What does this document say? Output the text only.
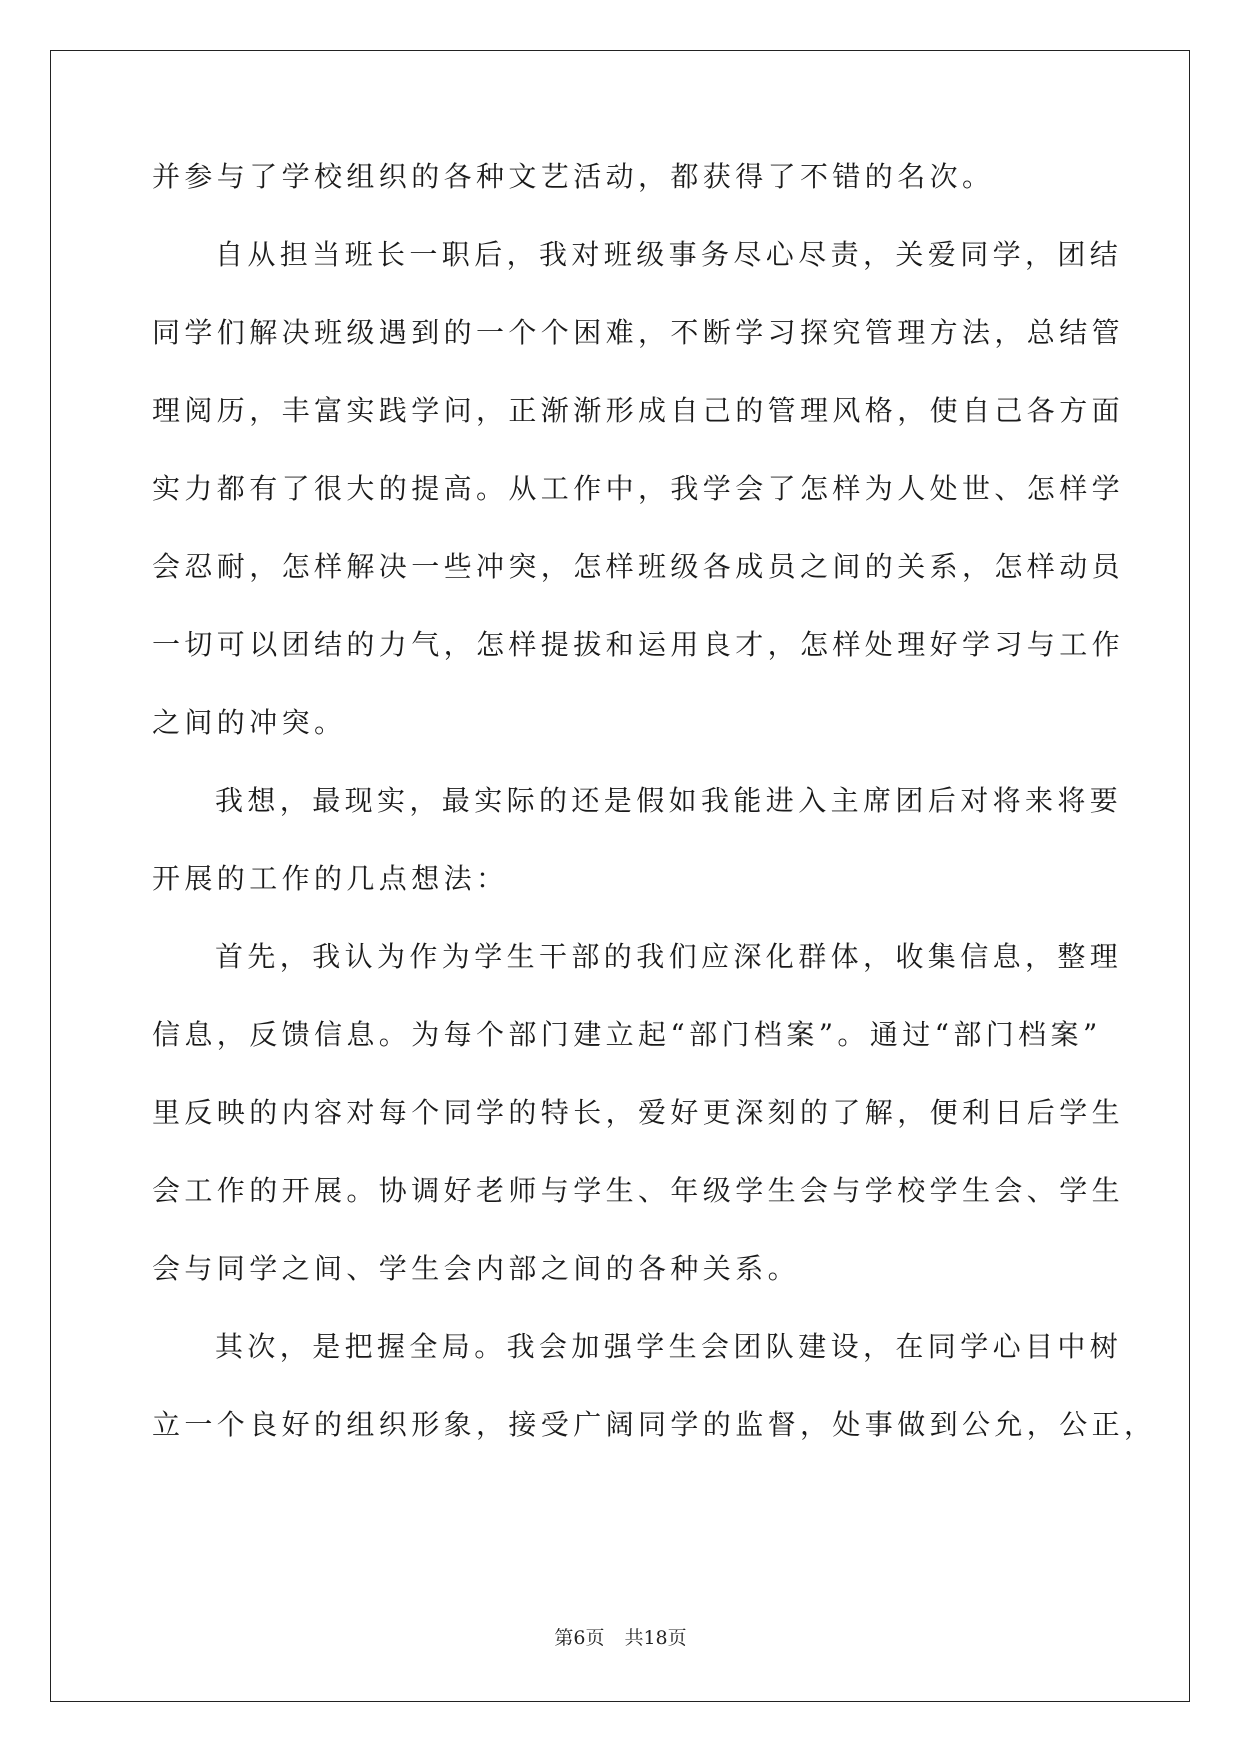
并参与了学校组织的各种文艺活动，都获得了不错的名次。
自从担当班长一职后，我对班级事务尽心尽责，关爱同学，团结
同学们解决班级遇到的一个个困难，不断学习探究管理方法，总结管
理阅历，丰富实践学问，正渐渐形成自己的管理风格，使自己各方面
实力都有了很大的提高。从工作中，我学会了怎样为人处世、怎样学
会忍耐，怎样解决一些冲突，怎样班级各成员之间的关系，怎样动员
一切可以团结的力气，怎样提拔和运用良才，怎样处理好学习与工作
之间的冲突。
我想，最现实，最实际的还是假如我能进入主席团后对将来将要
开展的工作的几点想法：
首先，我认为作为学生干部的我们应深化群体，收集信息，整理
信息，反馈信息。为每个部门建立起“部门档案”。通过“部门档案”
里反映的内容对每个同学的特长，爱好更深刻的了解，便利日后学生
会工作的开展。协调好老师与学生、年级学生会与学校学生会、学生
会与同学之间、学生会内部之间的各种关系。
其次，是把握全局。我会加强学生会团队建设，在同学心目中树
立一个良好的组织形象，接受广阔同学的监督，处事做到公允，公正，
第6页 共18页
